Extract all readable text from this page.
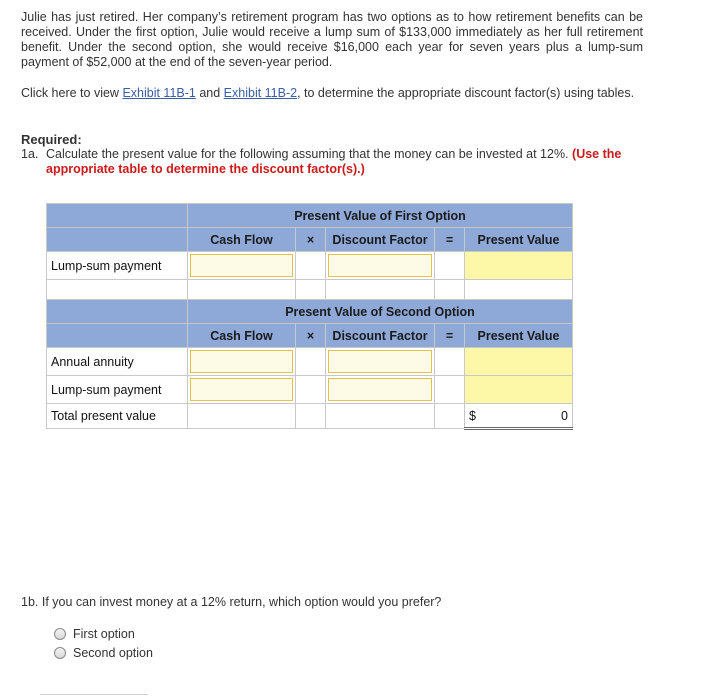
Julie has just retired. Her company’s retirement program has two options as to how retirement benefits can be received. Under the first option, Julie would receive a lump sum of $133,000 immediately as her full retirement benefit. Under the second option, she would receive $16,000 each year for seven years plus a lump-sum payment of $52,000 at the end of the seven-year period.
Click here to view Exhibit 11B-1 and Exhibit 11B-2, to determine the appropriate discount factor(s) using tables.
Required:
1a. Calculate the present value for the following assuming that the money can be invested at 12%. (Use the appropriate table to determine the discount factor(s).)
	Present Value of First Option				
	Cash Flow	×	Discount Factor	=	Present Value
Lump-sum payment	

	Present Value of Second Option				
	Cash Flow	×	Discount Factor	=	Present Value
Annual annuity	

Lump-sum payment	

Total present value					$ 0
1b. If you can invest money at a 12% return, which option would you prefer?
First option
Second option
